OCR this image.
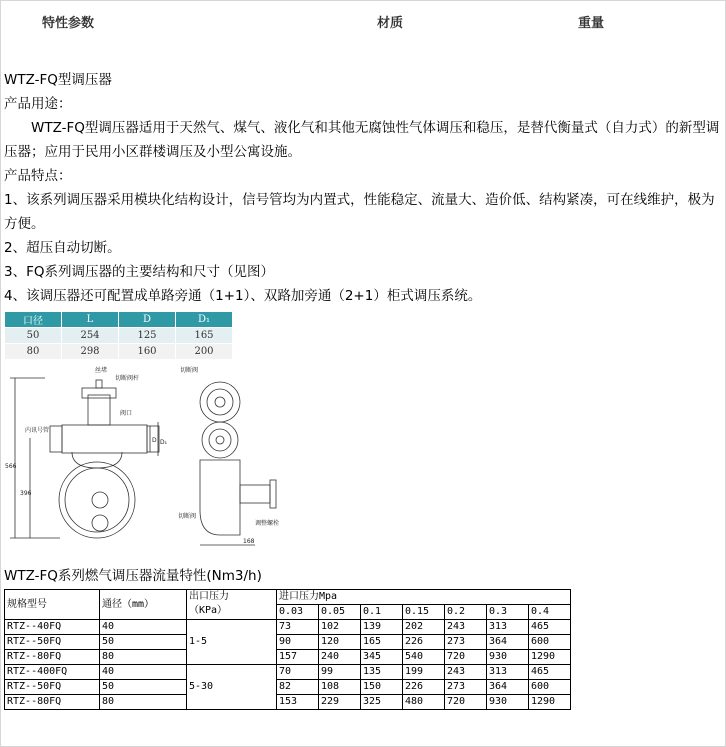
特性参数	材质	重量
WTZ-FQ型调压器
产品用途：
　　WTZ-FQ型调压器适用于天然气、煤气、液化气和其他无腐蚀性气体调压和稳压，是替代衡量式（自力式）的新型调压器；应用于民用小区群楼调压及小型公寓设施。
产品特点：
1、该系列调压器采用模块化结构设计，信号管均为内置式，性能稳定、流量大、造价低、结构紧凑，可在线维护，极为方便。
2、超压自动切断。
3、FQ系列调压器的主要结构和尺寸（见图）
4、该调压器还可配置成单路旁通（1+1）、双路加旁通（2+1）柜式调压系统。
口径	L	D	D₁
50	254	125	165
80	298	160	200
丝堵
切断阀杆
阀口
内讯号管
切断阀
切断阀
调整螺栓
566
396
168
D D₁
WTZ-FQ系列燃气调压器流量特性(Nm3/h)
规格型号	通径（mm）	出口压力
（KPa）	进口压力Mpa						
			0.03	0.05	0.1	0.15	0.2	0.3	0.4
RTZ--40FQ	40	1-5	73	102	139	202	243	313	465
RTZ--50FQ	50		90	120	165	226	273	364	600
RTZ--80FQ	80		157	240	345	540	720	930	1290
RTZ--400FQ	40	5-30	70	99	135	199	243	313	465
RTZ--50FQ	50		82	108	150	226	273	364	600
RTZ--80FQ	80		153	229	325	480	720	930	1290
